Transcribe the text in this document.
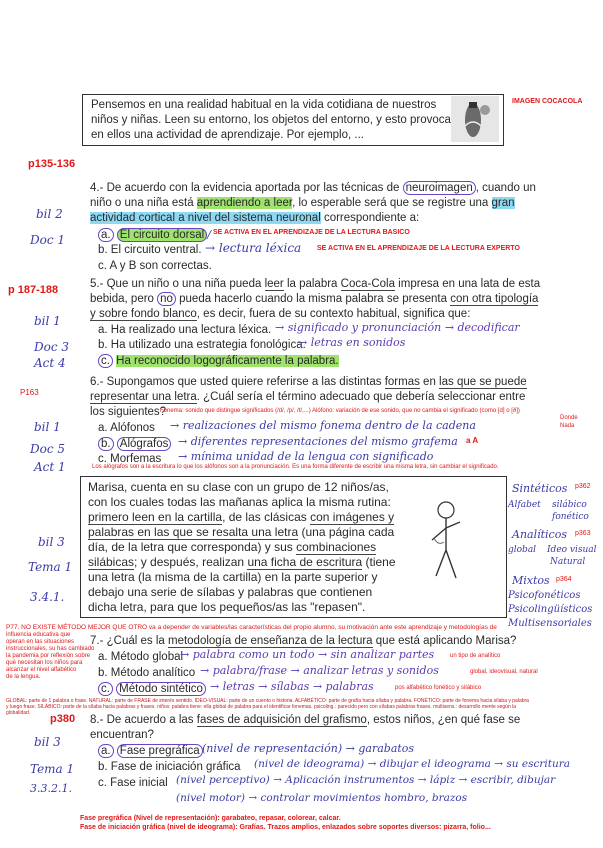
IMAGEN COCACOLA
Pensemos en una realidad habitual en la vida cotidiana de nuestros
niños y niñas. Leen su entorno, los objetos del entorno, y esto provoca
en ellos una actividad de aprendizaje. Por ejemplo, ...
p135-136
4.- De acuerdo con la evidencia aportada por las técnicas de neuroimagen , cuando un
niño o una niña está aprendiendo a leer, lo esperable será que se registre una gran
actividad cortical a nivel del sistema neuronal correspondiente a:
a. El circuito dorsal / SE ACTIVA EN EL APRENDIZAJE DE LA LECTURA BASICO
b. El circuito ventral. → lectura léxica SE ACTIVA EN EL APRENDIZAJE DE LA LECTURA EXPERTO
c. A y B son correctas.
bil 2
Doc 1
p 187-188	5.- Que un niño o una niña pueda leer la palabra Coca-Cola impresa en una lata de esta
bebida, pero no pueda hacerlo cuando la misma palabra se presenta con otra tipología
y sobre fondo blanco, es decir, fuera de su contexto habitual, significa que:
a. Ha realizado una lectura léxica. → significado y pronunciación → decodificar
b. Ha utilizado una estrategia fonológica.
→ letras en sonidos
c. Ha reconocido logográficamente la palabra.
bil 1
Doc 3
Act 4
P163
6.- Supongamos que usted quiere referirse a las distintas formas en las que se puede
representar una letra. ¿Cuál sería el término adecuado que debería seleccionar entre
los siguientes?
Fonema: sonido que distingue significados (/d/, /p/, /t/,...) Alófono: variación de ese sonido, que no cambia el significado (como [d] o [ð])
Donde
Nada
a. Alófonos → realizaciones del mismo fonema dentro de la cadena
b. Alógrafos → diferentes representaciones del mismo grafema a A
c. Morfemas → mínima unidad de la lengua con significado
Los alógrafos son a la escritura lo que los alófonos son a la pronunciación. Es una forma diferente de escribir una misma letra, sin cambiar el significado.
bil 1
Doc 5
Act 1
Marisa, cuenta en su clase con un grupo de 12 niños/as,
con los cuales todas las mañanas aplica la misma rutina:
primero leen en la cartilla, de las clásicas con imágenes y
palabras en las que se resalta una letra (una página cada
día, de la letra que corresponda) y sus combinaciones
silábicas; y después, realizan una ficha de escritura (tiene
una letra (la misma de la cartilla) en la parte superior y
debajo una serie de sílabas y palabras que contienen
dicha letra, para que los pequeños/as las "repasen".
bil 3
Tema 1
3.4.1.
Sintéticos p362
Alfabet silábico
fonético
Analíticos p363
global Ideo visual
Natural
Mixtos p364
Psicofonéticos
Psicolingüísticos
Multisensoriales
P77. NO EXISTE MÉTODO MEJOR QUE OTRO va a depender de variables/las características del propio alumno, su motivación ante este aprendizaje y metodologías de
influencia educativa que
operan en las situaciones
instruccionales, su has cambiado
la pandemia por reflexión sobre
qué necesitan los niños para
alcanzar el nivel alfabético
de la lengua.
7.- ¿Cuál es la metodología de enseñanza de la lectura que está aplicando Marisa?
a. Método global
→ palabra como un todo → sin analizar partes	un tipo de analítico
b. Método analítico → palabra/frase → analizar letras y sonidos	global, ideovisual, natural
c. Método sintético → letras → sílabas → palabras	pos alfabético fonético y silábico
GLOBAL: parte de 1 palabra o frase. NATURAL: parte de FRASE de interés sentido. IDEO-VISUAL: parte de un cuento o historia. ALFABÉTICO: parte de grafía hacia sílaba y palabra. FONÉTICO: parte de fonema hacia sílaba y palabra
y luego frase. SILÁBICO: parte de la sílaba hacia palabras y frases. niños: palabra tiene: ella global de palabra para el identificar fonemas. psicoling.: parecido pero con sílabas palabras frases. multisens.: desarrollo mente según la
globalidad. p380 8.- De acuerdo a las fases de adquisición del grafismo, estos niños, ¿en qué fase se
encuentran?
a. Fase pregráfica (nivel de representación) → garabatos
b. Fase de iniciación gráfica (nivel de ideograma) → dibujar el ideograma → su escritura
c. Fase inicial (nivel perceptivo) → Aplicación instrumentos → lápiz → escribir, dibujar
(nivel motor) → controlar movimientos hombro, brazos
bil 3
Tema 1
3.3.2.1.
Fase pregráfica (Nivel de representación): garabateo, repasar, colorear, calcar.
Fase de iniciación gráfica (nivel de ideograma): Grafías. Trazos amplios, enlazados sobre soportes diversos: pizarra, folio...
